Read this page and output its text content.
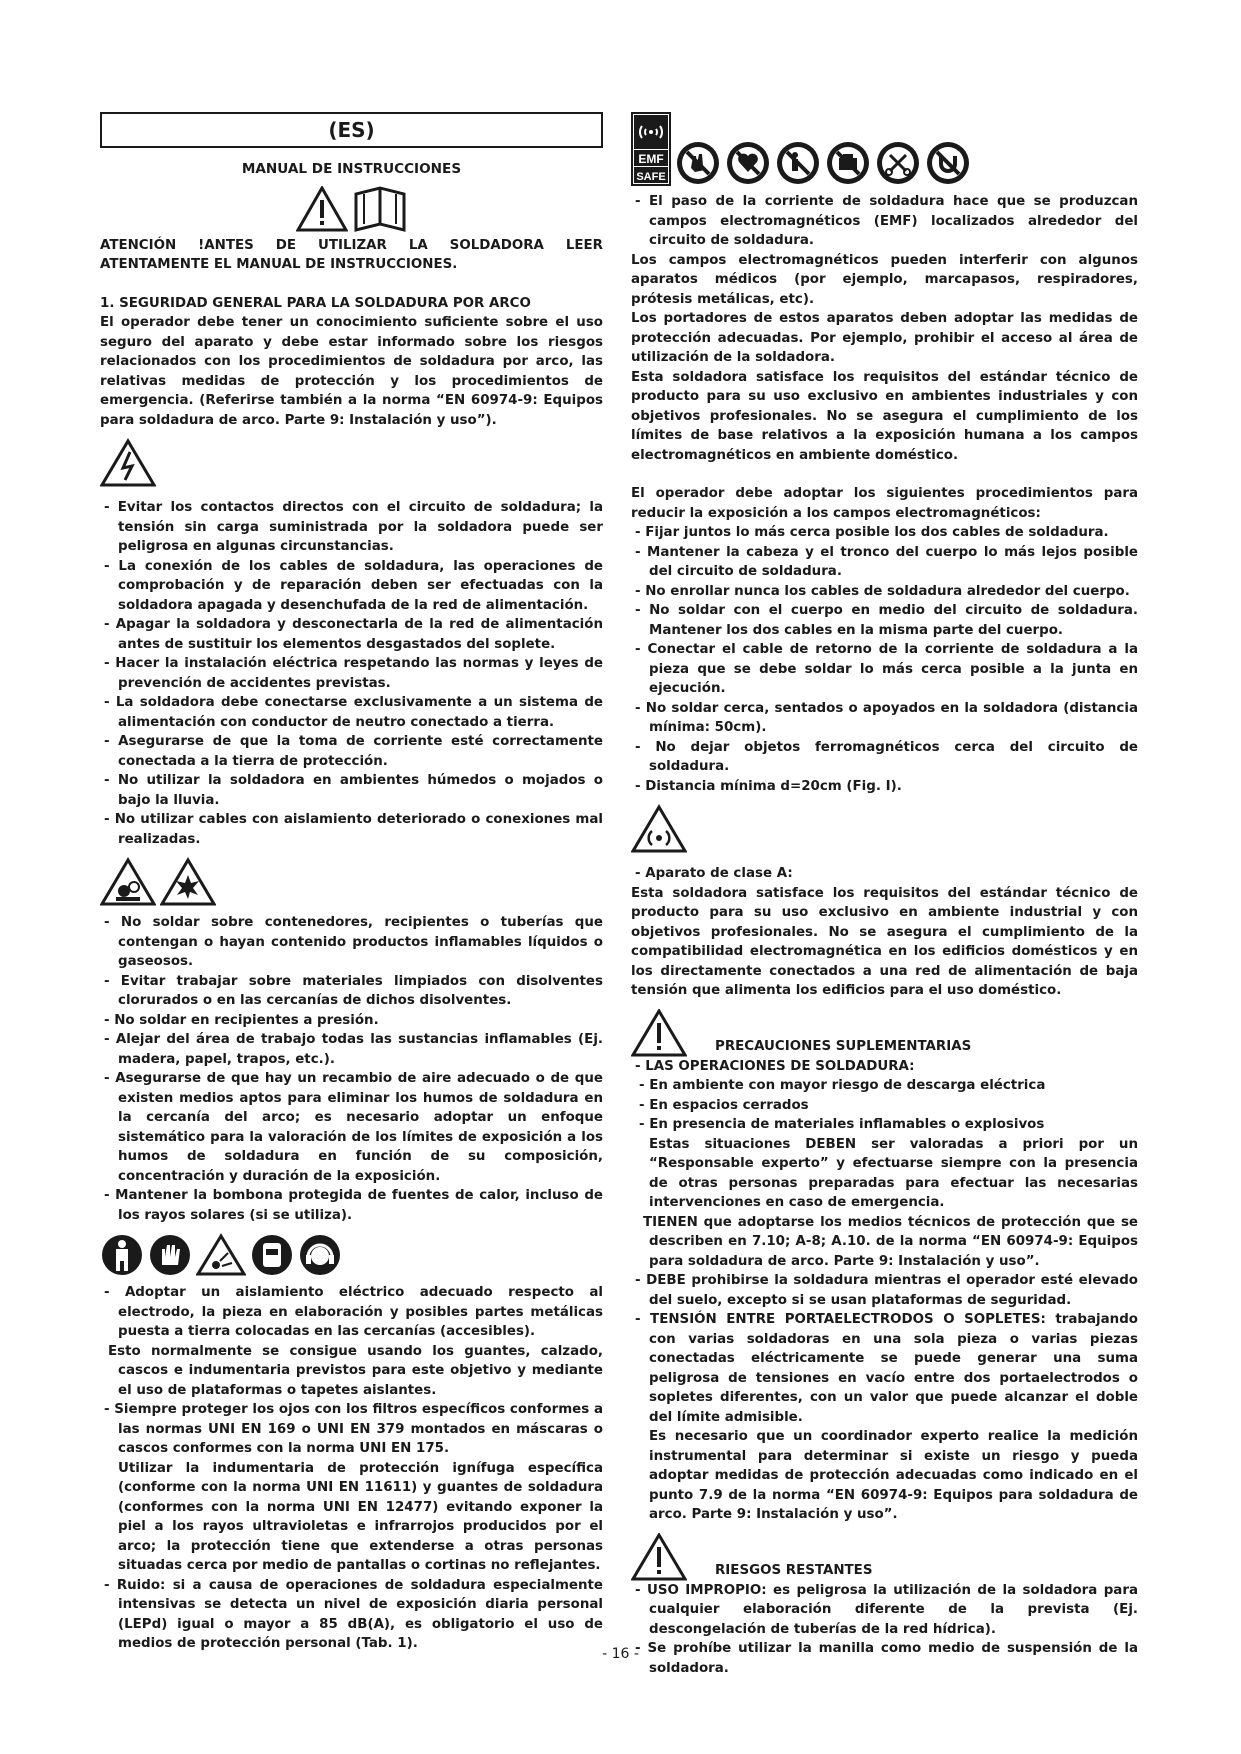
(ES)
MANUAL DE INSTRUCCIONES

ATENCIÓN !ANTES DE UTILIZAR LA SOLDADORA LEER ATENTAMENTE EL MANUAL DE INSTRUCCIONES.

1. SEGURIDAD GENERAL PARA LA SOLDADURA POR ARCO

El operador debe tener un conocimiento suficiente sobre el uso seguro del aparato y debe estar informado sobre los riesgos relacionados con los procedimientos de soldadura por arco, las relativas medidas de protección y los procedimientos de emergencia. (Referirse también a la norma “EN 60974-9: Equipos para soldadura de arco. Parte 9: Instalación y uso”).

- Evitar los contactos directos con el circuito de soldadura; la tensión sin carga suministrada por la soldadora puede ser peligrosa en algunas circunstancias.
- La conexión de los cables de soldadura, las operaciones de comprobación y de reparación deben ser efectuadas con la soldadora apagada y desenchufada de la red de alimentación.
- Apagar la soldadora y desconectarla de la red de alimentación antes de sustituir los elementos desgastados del soplete.
- Hacer la instalación eléctrica respetando las normas y leyes de prevención de accidentes previstas.
- La soldadora debe conectarse exclusivamente a un sistema de alimentación con conductor de neutro conectado a tierra.
- Asegurarse de que la toma de corriente esté correctamente conectada a la tierra de protección.
- No utilizar la soldadora en ambientes húmedos o mojados o bajo la lluvia.
- No utilizar cables con aislamiento deteriorado o conexiones mal realizadas.
- No soldar sobre contenedores, recipientes o tuberías que contengan o hayan contenido productos inflamables líquidos o gaseosos.
- Evitar trabajar sobre materiales limpiados con disolventes clorurados o en las cercanías de dichos disolventes.
- No soldar en recipientes a presión.
- Alejar del área de trabajo todas las sustancias inflamables (Ej. madera, papel, trapos, etc.).
- Asegurarse de que hay un recambio de aire adecuado o de que existen medios aptos para eliminar los humos de soldadura en la cercanía del arco; es necesario adoptar un enfoque sistemático para la valoración de los límites de exposición a los humos de soldadura en función de su composición, concentración y duración de la exposición.
- Mantener la bombona protegida de fuentes de calor, incluso de los rayos solares (si se utiliza).
- Adoptar un aislamiento eléctrico adecuado respecto al electrodo, la pieza en elaboración y posibles partes metálicas puesta a tierra colocadas en las cercanías (accesibles).
Esto normalmente se consigue usando los guantes, calzado, cascos e indumentaria previstos para este objetivo y mediante el uso de plataformas o tapetes aislantes.
- Siempre proteger los ojos con los filtros específicos conformes a las normas UNI EN 169 o UNI EN 379 montados en máscaras o cascos conformes con la norma UNI EN 175.
Utilizar la indumentaria de protección ignífuga específica (conforme con la norma UNI EN 11611) y guantes de soldadura (conformes con la norma UNI EN 12477) evitando exponer la piel a los rayos ultravioletas e infrarrojos producidos por el arco; la protección tiene que extenderse a otras personas situadas cerca por medio de pantallas o cortinas no reflejantes.
- Ruido: si a causa de operaciones de soldadura especialmente intensivas se detecta un nivel de exposición diaria personal (LEPd) igual o mayor a 85 dB(A), es obligatorio el uso de medios de protección personal (Tab. 1).
EMF
SAFE
- El paso de la corriente de soldadura hace que se produzcan campos electromagnéticos (EMF) localizados alrededor del circuito de soldadura.

Los campos electromagnéticos pueden interferir con algunos aparatos médicos (por ejemplo, marcapasos, respiradores, prótesis metálicas, etc).

Los portadores de estos aparatos deben adoptar las medidas de protección adecuadas. Por ejemplo, prohibir el acceso al área de utilización de la soldadora.

Esta soldadora satisface los requisitos del estándar técnico de producto para su uso exclusivo en ambientes industriales y con objetivos profesionales. No se asegura el cumplimiento de los límites de base relativos a la exposición humana a los campos electromagnéticos en ambiente doméstico.

El operador debe adoptar los siguientes procedimientos para reducir la exposición a los campos electromagnéticos:

- Fijar juntos lo más cerca posible los dos cables de soldadura.
- Mantener la cabeza y el tronco del cuerpo lo más lejos posible del circuito de soldadura.
- No enrollar nunca los cables de soldadura alrededor del cuerpo.
- No soldar con el cuerpo en medio del circuito de soldadura. Mantener los dos cables en la misma parte del cuerpo.
- Conectar el cable de retorno de la corriente de soldadura a la pieza que se debe soldar lo más cerca posible a la junta en ejecución.
- No soldar cerca, sentados o apoyados en la soldadora (distancia mínima: 50cm).
- No dejar objetos ferromagnéticos cerca del circuito de soldadura.
- Distancia mínima d=20cm (Fig. I).
- Aparato de clase A:

Esta soldadora satisface los requisitos del estándar técnico de producto para su uso exclusivo en ambiente industrial y con objetivos profesionales. No se asegura el cumplimiento de la compatibilidad electromagnética en los edificios domésticos y en los directamente conectados a una red de alimentación de baja tensión que alimenta los edificios para el uso doméstico.

PRECAUCIONES SUPLEMENTARIAS
- LAS OPERACIONES DE SOLDADURA:
- En ambiente con mayor riesgo de descarga eléctrica
- En espacios cerrados
- En presencia de materiales inflamables o explosivos
Estas situaciones DEBEN ser valoradas a priori por un “Responsable experto” y efectuarse siempre con la presencia de otras personas preparadas para efectuar las necesarias intervenciones en caso de emergencia.
TIENEN que adoptarse los medios técnicos de protección que se describen en 7.10; A-8; A.10. de la norma “EN 60974-9: Equipos para soldadura de arco. Parte 9: Instalación y uso”.
- DEBE prohibirse la soldadura mientras el operador esté elevado del suelo, excepto si se usan plataformas de seguridad.
- TENSIÓN ENTRE PORTAELECTRODOS O SOPLETES: trabajando con varias soldadoras en una sola pieza o varias piezas conectadas eléctricamente se puede generar una suma peligrosa de tensiones en vacío entre dos portaelectrodos o sopletes diferentes, con un valor que puede alcanzar el doble del límite admisible.
Es necesario que un coordinador experto realice la medición instrumental para determinar si existe un riesgo y pueda adoptar medidas de protección adecuadas como indicado en el punto 7.9 de la norma “EN 60974-9: Equipos para soldadura de arco. Parte 9: Instalación y uso”.
RIESGOS RESTANTES
- USO IMPROPIO: es peligrosa la utilización de la soldadora para cualquier elaboración diferente de la prevista (Ej. descongelación de tuberías de la red hídrica).
- Se prohíbe utilizar la manilla como medio de suspensión de la soldadora.
- 16 -
